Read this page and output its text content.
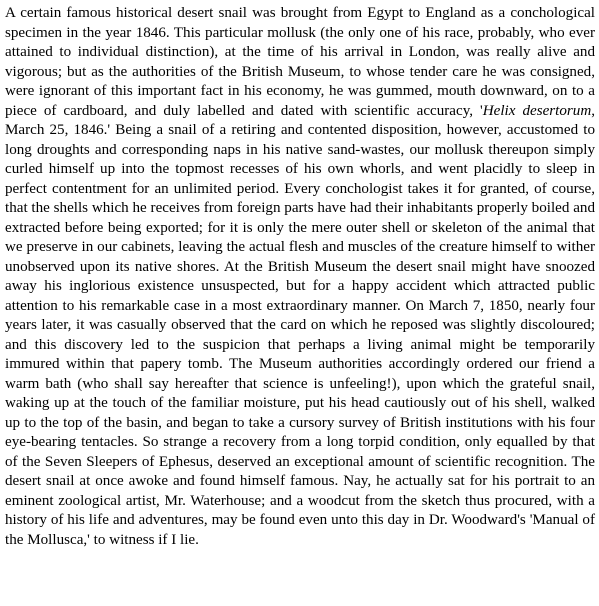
A certain famous historical desert snail was brought from Egypt to England as a conchological specimen in the year 1846. This particular mollusk (the only one of his race, probably, who ever attained to individual distinction), at the time of his arrival in London, was really alive and vigorous; but as the authorities of the British Museum, to whose tender care he was consigned, were ignorant of this important fact in his economy, he was gummed, mouth downward, on to a piece of cardboard, and duly labelled and dated with scientific accuracy, 'Helix desertorum, March 25, 1846.' Being a snail of a retiring and contented disposition, however, accustomed to long droughts and corresponding naps in his native sand-wastes, our mollusk thereupon simply curled himself up into the topmost recesses of his own whorls, and went placidly to sleep in perfect contentment for an unlimited period. Every conchologist takes it for granted, of course, that the shells which he receives from foreign parts have had their inhabitants properly boiled and extracted before being exported; for it is only the mere outer shell or skeleton of the animal that we preserve in our cabinets, leaving the actual flesh and muscles of the creature himself to wither unobserved upon its native shores. At the British Museum the desert snail might have snoozed away his inglorious existence unsuspected, but for a happy accident which attracted public attention to his remarkable case in a most extraordinary manner. On March 7, 1850, nearly four years later, it was casually observed that the card on which he reposed was slightly discoloured; and this discovery led to the suspicion that perhaps a living animal might be temporarily immured within that papery tomb. The Museum authorities accordingly ordered our friend a warm bath (who shall say hereafter that science is unfeeling!), upon which the grateful snail, waking up at the touch of the familiar moisture, put his head cautiously out of his shell, walked up to the top of the basin, and began to take a cursory survey of British institutions with his four eye-bearing tentacles. So strange a recovery from a long torpid condition, only equalled by that of the Seven Sleepers of Ephesus, deserved an exceptional amount of scientific recognition. The desert snail at once awoke and found himself famous. Nay, he actually sat for his portrait to an eminent zoological artist, Mr. Waterhouse; and a woodcut from the sketch thus procured, with a history of his life and adventures, may be found even unto this day in Dr. Woodward's 'Manual of the Mollusca,' to witness if I lie.
